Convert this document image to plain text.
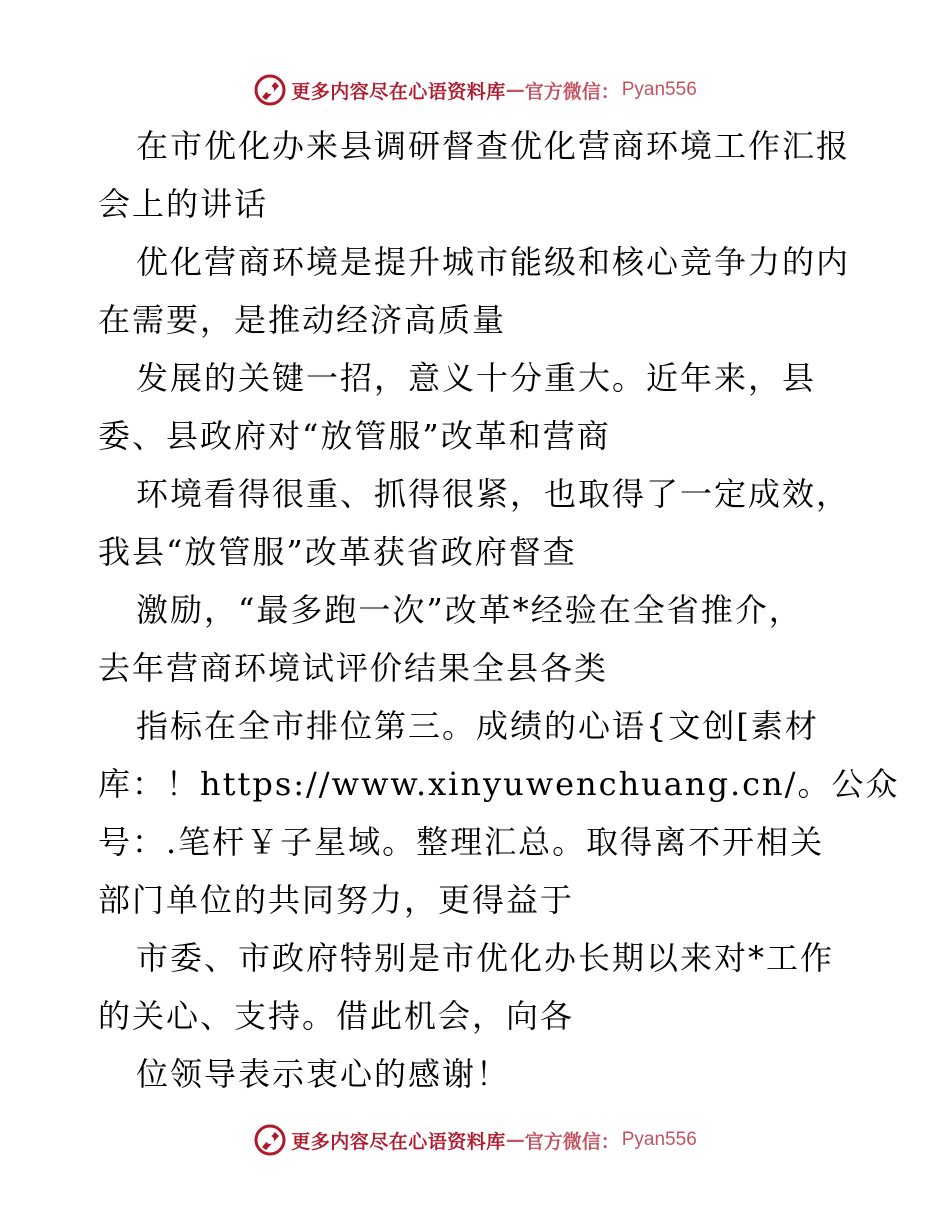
更多内容尽在心语资料库 — 官方微信： Pyan556
在市优化办来县调研督查优化营商环境工作汇报
会上的讲话
优化营商环境是提升城市能级和核心竞争力的内
在需要，是推动经济高质量
发展的关键一招，意义十分重大。近年来，县
委、县政府对“放管服”改革和营商
环境看得很重、抓得很紧，也取得了一定成效，
我县“放管服”改革获省政府督查
激励，“最多跑一次”改革*经验在全省推介，
去年营商环境试评价结果全县各类
指标在全市排位第三。成绩的心语{文创[素材
库：！https://www.xinyuwenchuang.cn/。公众
号：.笔杆￥子星域。整理汇总。取得离不开相关
部门单位的共同努力，更得益于
市委、市政府特别是市优化办长期以来对*工作
的关心、支持。借此机会，向各
位领导表示衷心的感谢！
更多内容尽在心语资料库 — 官方微信： Pyan556
